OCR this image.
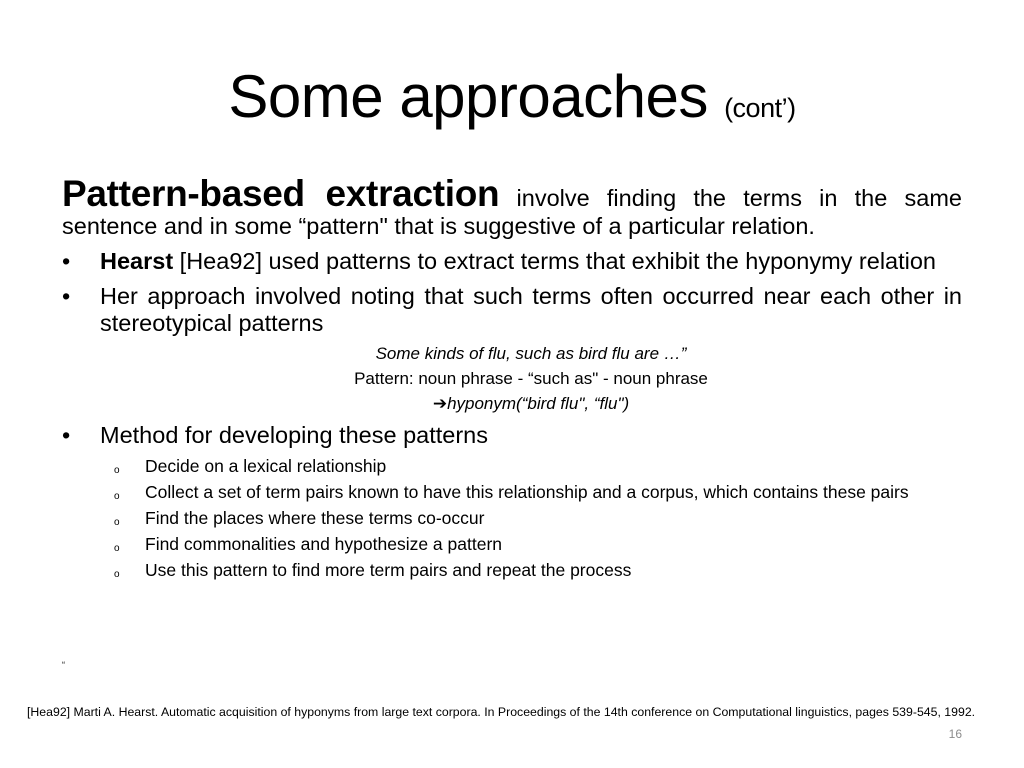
Some approaches (cont’)

Pattern-based extraction involve finding the terms in the same sentence and in some “pattern" that is suggestive of a particular relation.

•	Hearst [Hea92] used patterns to extract terms that exhibit the hyponymy relation
•	Her approach involved noting that such terms often occurred near each other in stereotypical patterns
Some kinds of flu, such as bird flu are …”
Pattern: noun phrase - “such as" - noun phrase
➔hyponym(“bird flu", “flu")
•	Method for developing these patterns
o Decide on a lexical relationship
o Collect a set of term pairs known to have this relationship and a corpus, which contains these pairs
o Find the places where these terms co-occur
o Find commonalities and hypothesize a pattern
o Use this pattern to find more term pairs and repeat the process
“
[Hea92] Marti A. Hearst. Automatic acquisition of hyponyms from large text corpora. In Proceedings of the 14th conference on Computational linguistics, pages 539-545, 1992.
16
